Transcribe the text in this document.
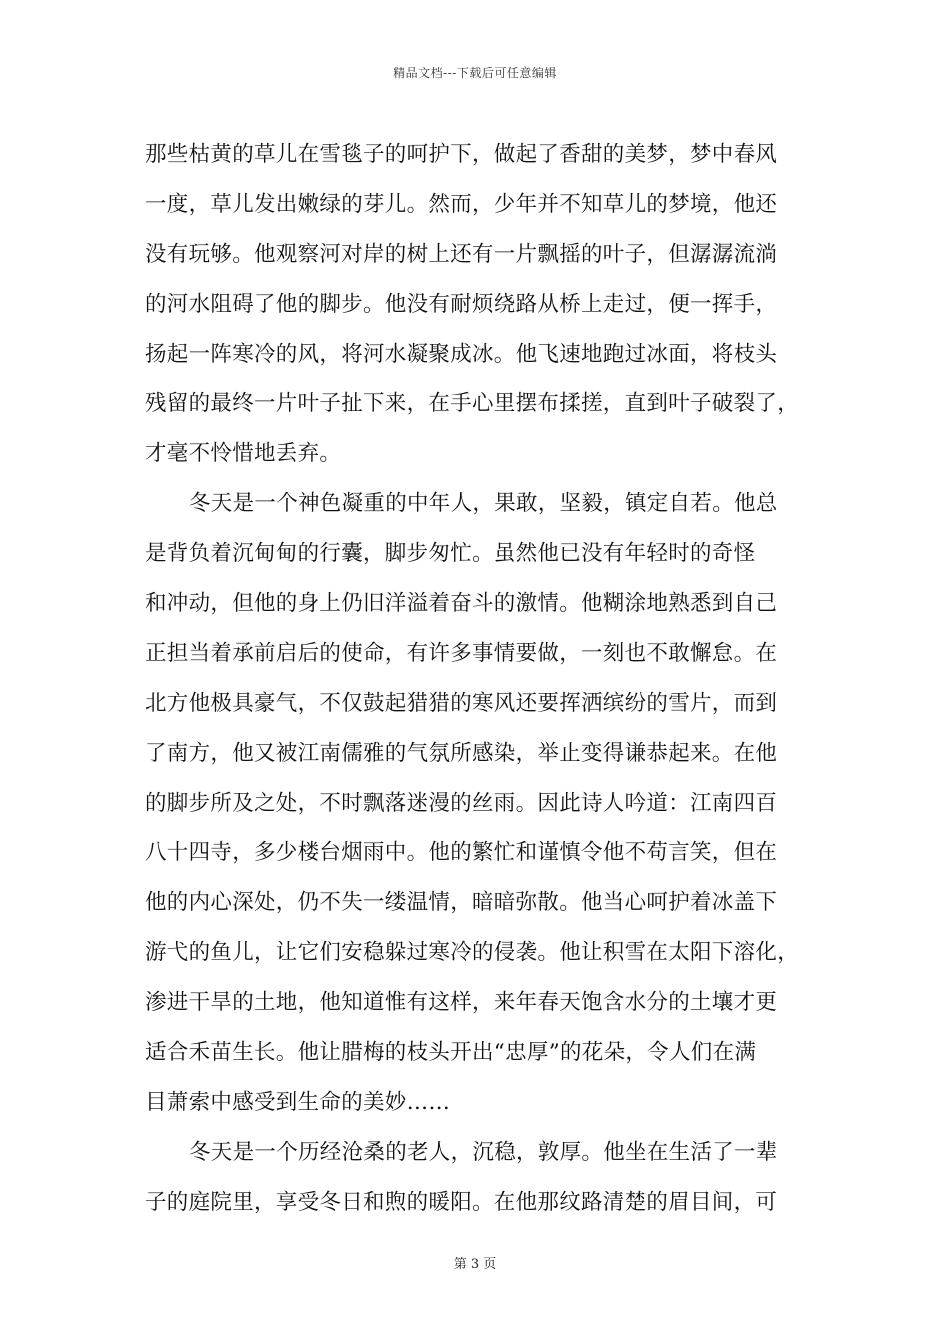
精品文档---下载后可任意编辑
那些枯黄的草儿在雪毯子的呵护下，做起了香甜的美梦，梦中春风
一度，草儿发出嫩绿的芽儿。然而，少年并不知草儿的梦境，他还
没有玩够。他观察河对岸的树上还有一片飘摇的叶子，但潺潺流淌
的河水阻碍了他的脚步。他没有耐烦绕路从桥上走过，便一挥手，
扬起一阵寒冷的风，将河水凝聚成冰。他飞速地跑过冰面，将枝头
残留的最终一片叶子扯下来，在手心里摆布揉搓，直到叶子破裂了，
才毫不怜惜地丢弃。
冬天是一个神色凝重的中年人，果敢，坚毅，镇定自若。他总
是背负着沉甸甸的行囊，脚步匆忙。虽然他已没有年轻时的奇怪
和冲动，但他的身上仍旧洋溢着奋斗的激情。他糊涂地熟悉到自己
正担当着承前启后的使命，有许多事情要做，一刻也不敢懈怠。在
北方他极具豪气，不仅鼓起猎猎的寒风还要挥洒缤纷的雪片，而到
了南方，他又被江南儒雅的气氛所感染，举止变得谦恭起来。在他
的脚步所及之处，不时飘落迷漫的丝雨。因此诗人吟道：江南四百
八十四寺，多少楼台烟雨中。他的繁忙和谨慎令他不苟言笑，但在
他的内心深处，仍不失一缕温情，暗暗弥散。他当心呵护着冰盖下
游弋的鱼儿，让它们安稳躲过寒冷的侵袭。他让积雪在太阳下溶化，
渗进干旱的土地，他知道惟有这样，来年春天饱含水分的土壤才更
适合禾苗生长。他让腊梅的枝头开出“忠厚”的花朵，令人们在满
目萧索中感受到生命的美妙……
冬天是一个历经沧桑的老人，沉稳，敦厚。他坐在生活了一辈
子的庭院里，享受冬日和煦的暖阳。在他那纹路清楚的眉目间，可
第 3 页
